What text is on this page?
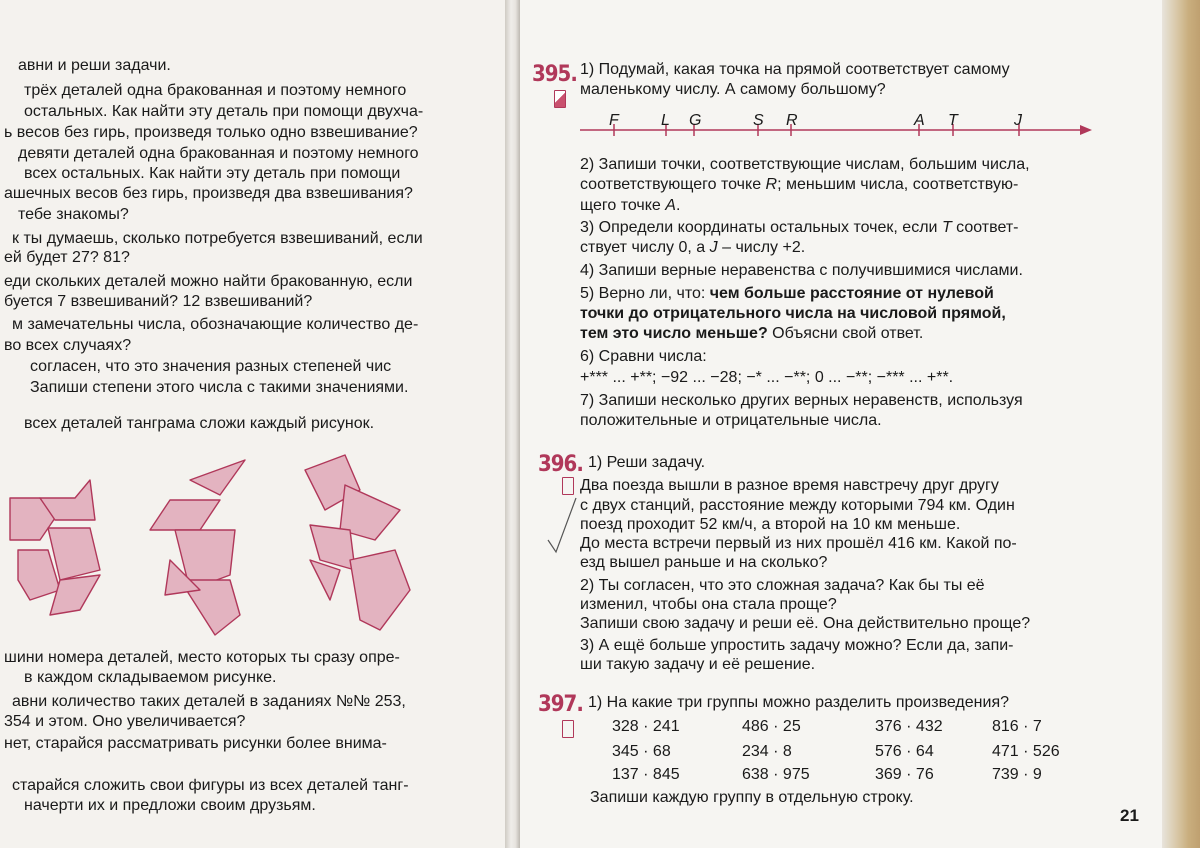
авни и реши задачи.
трёх деталей одна бракованная и поэтому немного
остальных. Как найти эту деталь при помощи двухча-
ь весов без гирь, произведя только одно взвешивание?
девяти деталей одна бракованная и поэтому немного
всех остальных. Как найти эту деталь при помощи
ашечных весов без гирь, произведя два взвешивания?
тебе знакомы?
к ты думаешь, сколько потребуется взвешиваний, если
ей будет 27? 81?
еди скольких деталей можно найти бракованную, если
буется 7 взвешиваний? 12 взвешиваний?
м замечательны числа, обозначающие количество де-
во всех случаях?
согласен, что это значения разных степеней чис
Запиши степени этого числа с такими значениями.
всех деталей танграма сложи каждый рисунок.
шини номера деталей, место которых ты сразу опре-
в каждом складываемом рисунке.
авни количество таких деталей в заданиях №№ 253,
354 и этом. Оно увеличивается?
нет, старайся рассматривать рисунки более внима-
старайся сложить свои фигуры из всех деталей танг-
начерти их и предложи своим друзьям.
395. 1) Подумай, какая точка на прямой соответствует самому
маленькому числу. А самому большому?
F	L G	S R	A T	J
2) Запиши точки, соответствующие числам, большим числа,
соответствующего точке R; меньшим числа, соответствую-
щего точке A.
3) Определи координаты остальных точек, если T соответ-
ствует числу 0, а J – числу +2.
4) Запиши верные неравенства с получившимися числами.
5) Верно ли, что: чем больше расстояние от нулевой
точки до отрицательного числа на числовой прямой,
тем это число меньше? Объясни свой ответ.
6) Сравни числа:
+*** ... +**; −92 ... −28; −* ... −**; 0 ... −**; −*** ... +**.
7) Запиши несколько других верных неравенств, используя
положительные и отрицательные числа.
396. 1) Реши задачу.
Два поезда вышли в разное время навстречу друг другу
с двух станций, расстояние между которыми 794 км. Один
поезд проходит 52 км/ч, а второй на 10 км меньше.
До места встречи первый из них прошёл 416 км. Какой по-
езд вышел раньше и на сколько?
2) Ты согласен, что это сложная задача? Как бы ты её
изменил, чтобы она стала проще?
Запиши свою задачу и реши её. Она действительно проще?
3) А ещё больше упростить задачу можно? Если да, запи-
ши такую задачу и её решение.
397. 1) На какие три группы можно разделить произведения?
328 · 241	486 · 25	376 · 432	816 · 7
345 · 68	234 · 8	576 · 64	471 · 526
137 · 845	638 · 975	369 · 76	739 · 9
Запиши каждую группу в отдельную строку.
21
